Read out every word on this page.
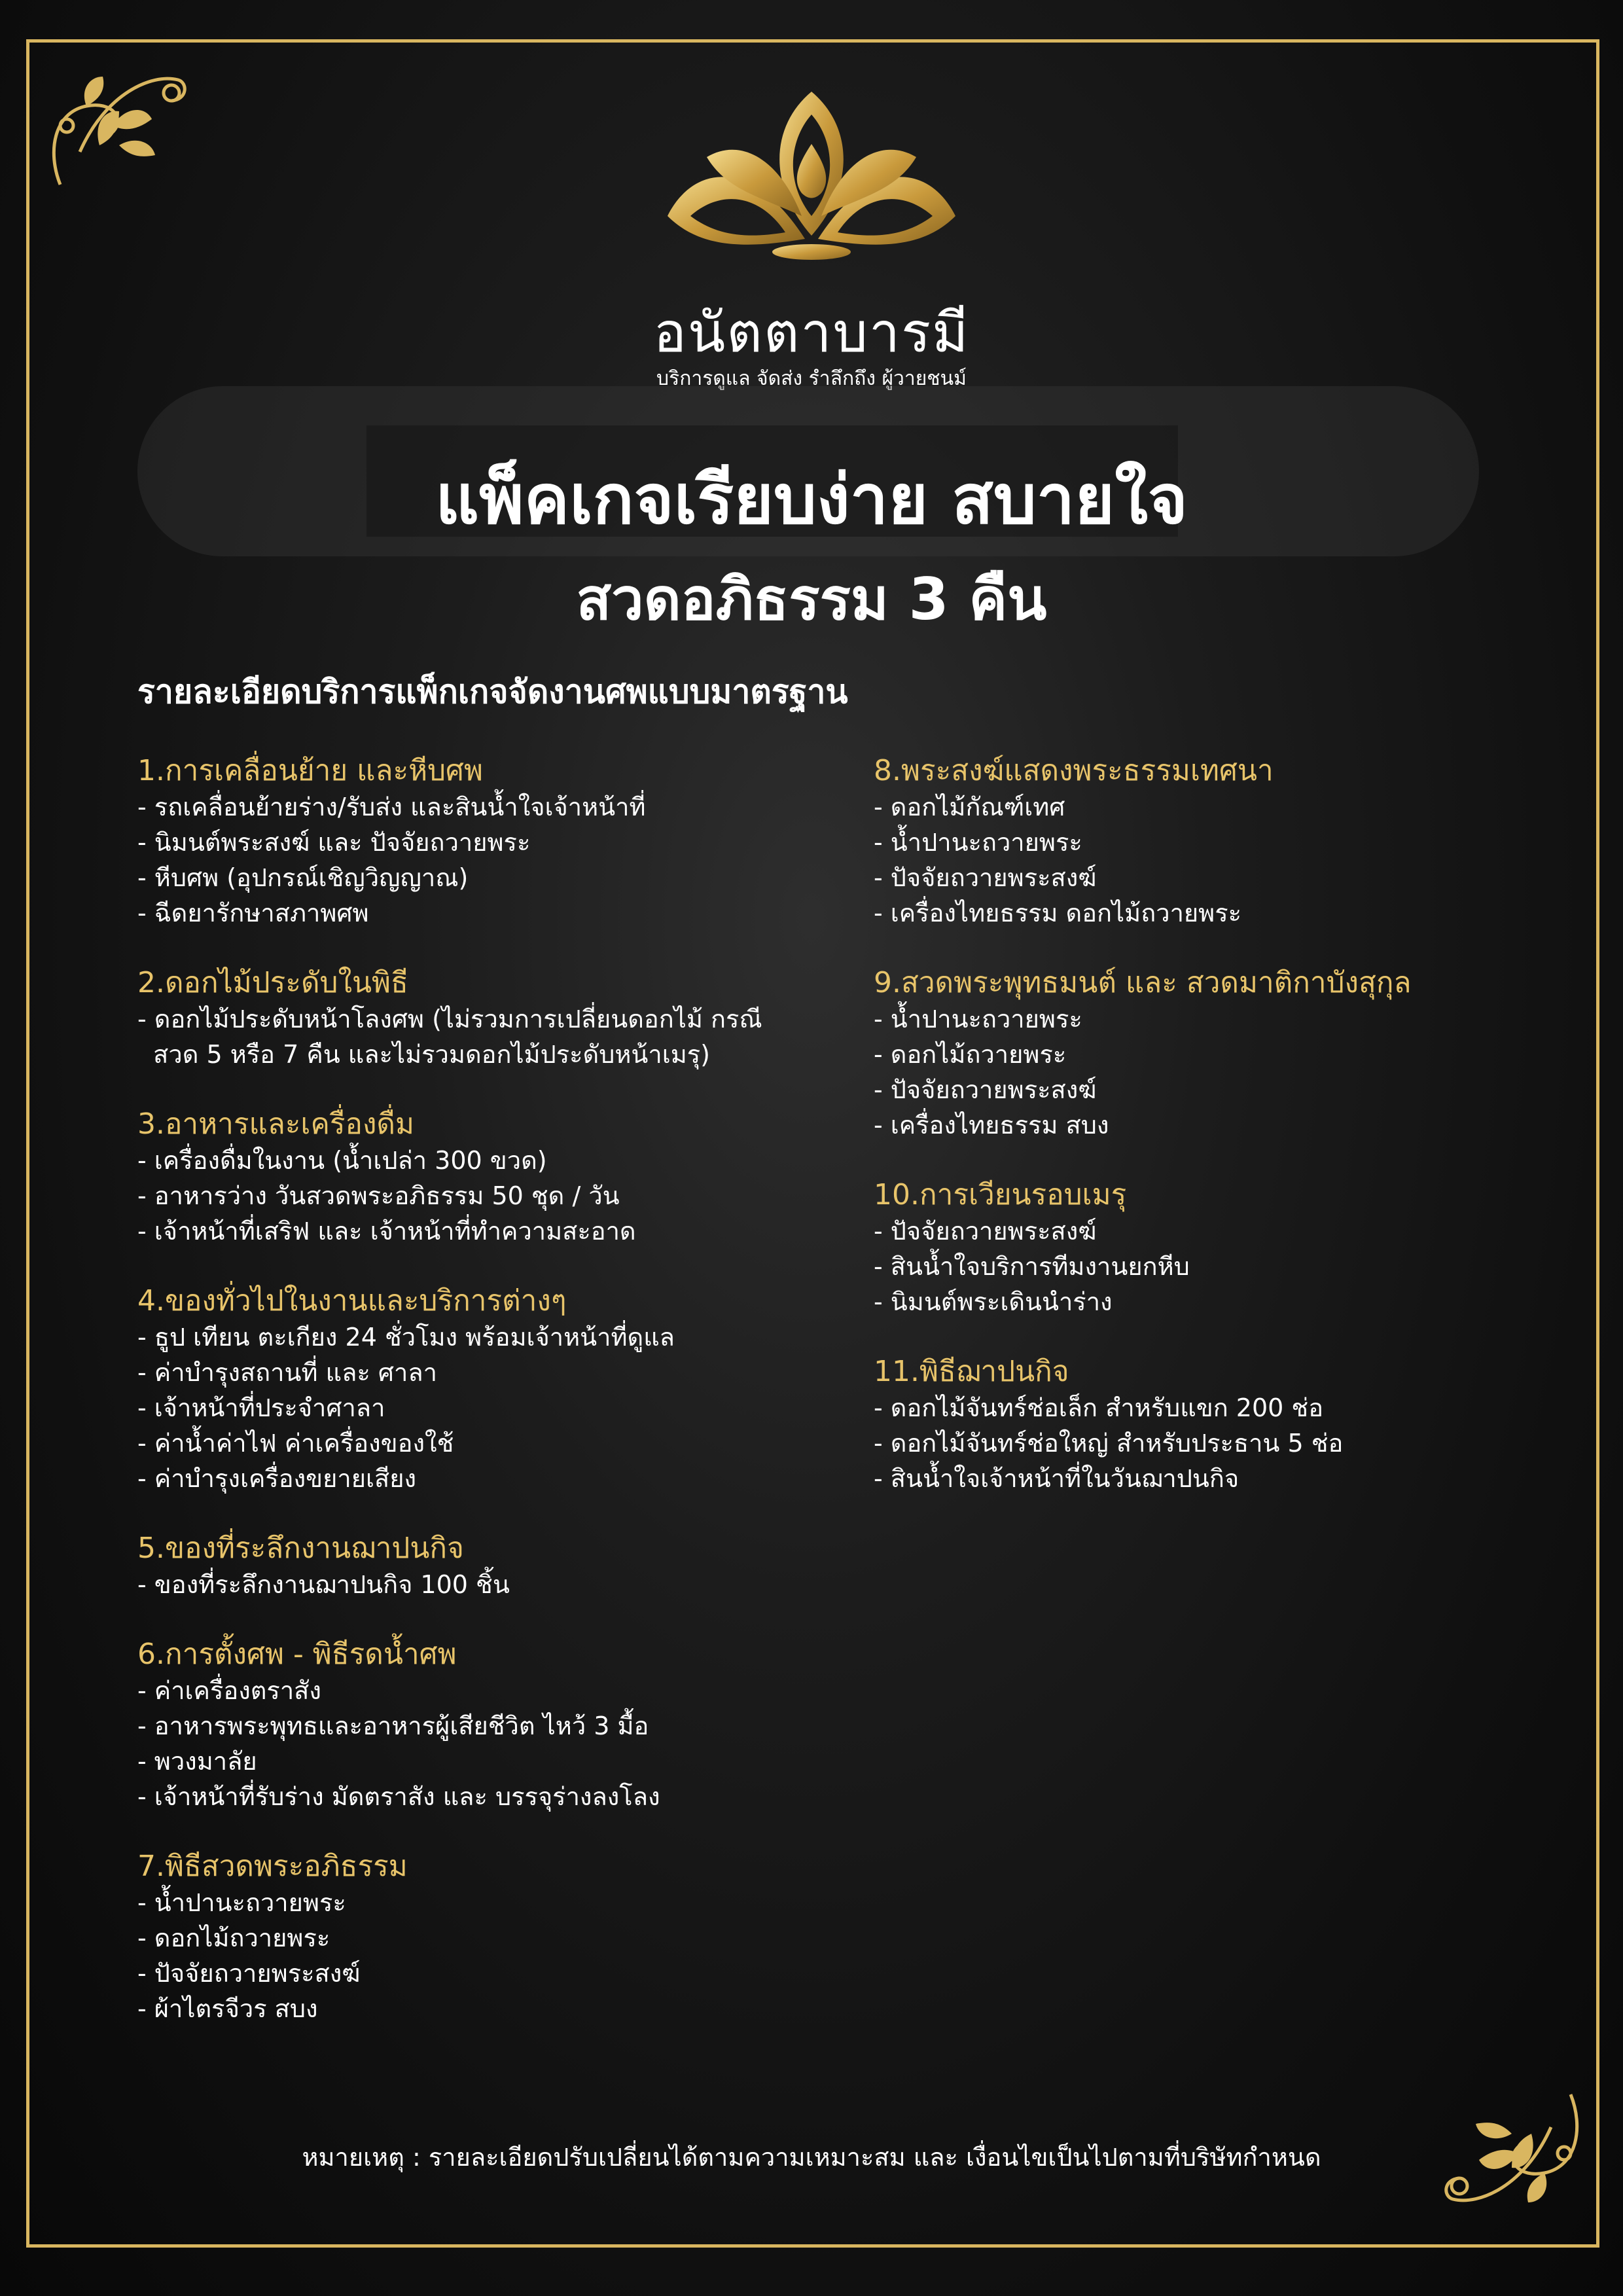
อนัตตาบารมี
บริการดูแล จัดส่ง รำลึกถึง ผู้วายชนม์
แพ็คเกจเรียบง่าย สบายใจ
สวดอภิธรรม 3 คืน
รายละเอียดบริการแพ็กเกจจัดงานศพแบบมาตรฐาน
1.การเคลื่อนย้าย และหีบศพ
- รถเคลื่อนย้ายร่าง/รับส่ง และสินน้ำใจเจ้าหน้าที่
- นิมนต์พระสงฆ์ และ ปัจจัยถวายพระ
- หีบศพ (อุปกรณ์เชิญวิญญาณ)
- ฉีดยารักษาสภาพศพ
2.ดอกไม้ประดับในพิธี
- ดอกไม้ประดับหน้าโลงศพ (ไม่รวมการเปลี่ยนดอกไม้ กรณี
สวด 5 หรือ 7 คืน และไม่รวมดอกไม้ประดับหน้าเมรุ)
3.อาหารและเครื่องดื่ม
- เครื่องดื่มในงาน (น้ำเปล่า 300 ขวด)
- อาหารว่าง วันสวดพระอภิธรรม 50 ชุด / วัน
- เจ้าหน้าที่เสริฟ และ เจ้าหน้าที่ทำความสะอาด
4.ของทั่วไปในงานและบริการต่างๆ
- ธูป เทียน ตะเกียง 24 ชั่วโมง พร้อมเจ้าหน้าที่ดูแล
- ค่าบำรุงสถานที่ และ ศาลา
- เจ้าหน้าที่ประจำศาลา
- ค่าน้ำค่าไฟ ค่าเครื่องของใช้
- ค่าบำรุงเครื่องขยายเสียง
5.ของที่ระลึกงานฌาปนกิจ
- ของที่ระลึกงานฌาปนกิจ 100 ชิ้น
6.การตั้งศพ - พิธีรดน้ำศพ
- ค่าเครื่องตราสัง
- อาหารพระพุทธและอาหารผู้เสียชีวิต ไหว้ 3 มื้อ
- พวงมาลัย
- เจ้าหน้าที่รับร่าง มัดตราสัง และ บรรจุร่างลงโลง
7.พิธีสวดพระอภิธรรม
- น้ำปานะถวายพระ
- ดอกไม้ถวายพระ
- ปัจจัยถวายพระสงฆ์
- ผ้าไตรจีวร สบง
8.พระสงฆ์แสดงพระธรรมเทศนา
- ดอกไม้กัณฑ์เทศ
- น้ำปานะถวายพระ
- ปัจจัยถวายพระสงฆ์
- เครื่องไทยธรรม ดอกไม้ถวายพระ
9.สวดพระพุทธมนต์ และ สวดมาติกาบังสุกุล
- น้ำปานะถวายพระ
- ดอกไม้ถวายพระ
- ปัจจัยถวายพระสงฆ์
- เครื่องไทยธรรม สบง
10.การเวียนรอบเมรุ
- ปัจจัยถวายพระสงฆ์
- สินน้ำใจบริการทีมงานยกหีบ
- นิมนต์พระเดินนำร่าง
11.พิธีฌาปนกิจ
- ดอกไม้จันทร์ช่อเล็ก สำหรับแขก 200 ช่อ
- ดอกไม้จันทร์ช่อใหญ่ สำหรับประธาน 5 ช่อ
- สินน้ำใจเจ้าหน้าที่ในวันฌาปนกิจ
หมายเหตุ : รายละเอียดปรับเปลี่ยนได้ตามความเหมาะสม และ เงื่อนไขเป็นไปตามที่บริษัทกำหนด
